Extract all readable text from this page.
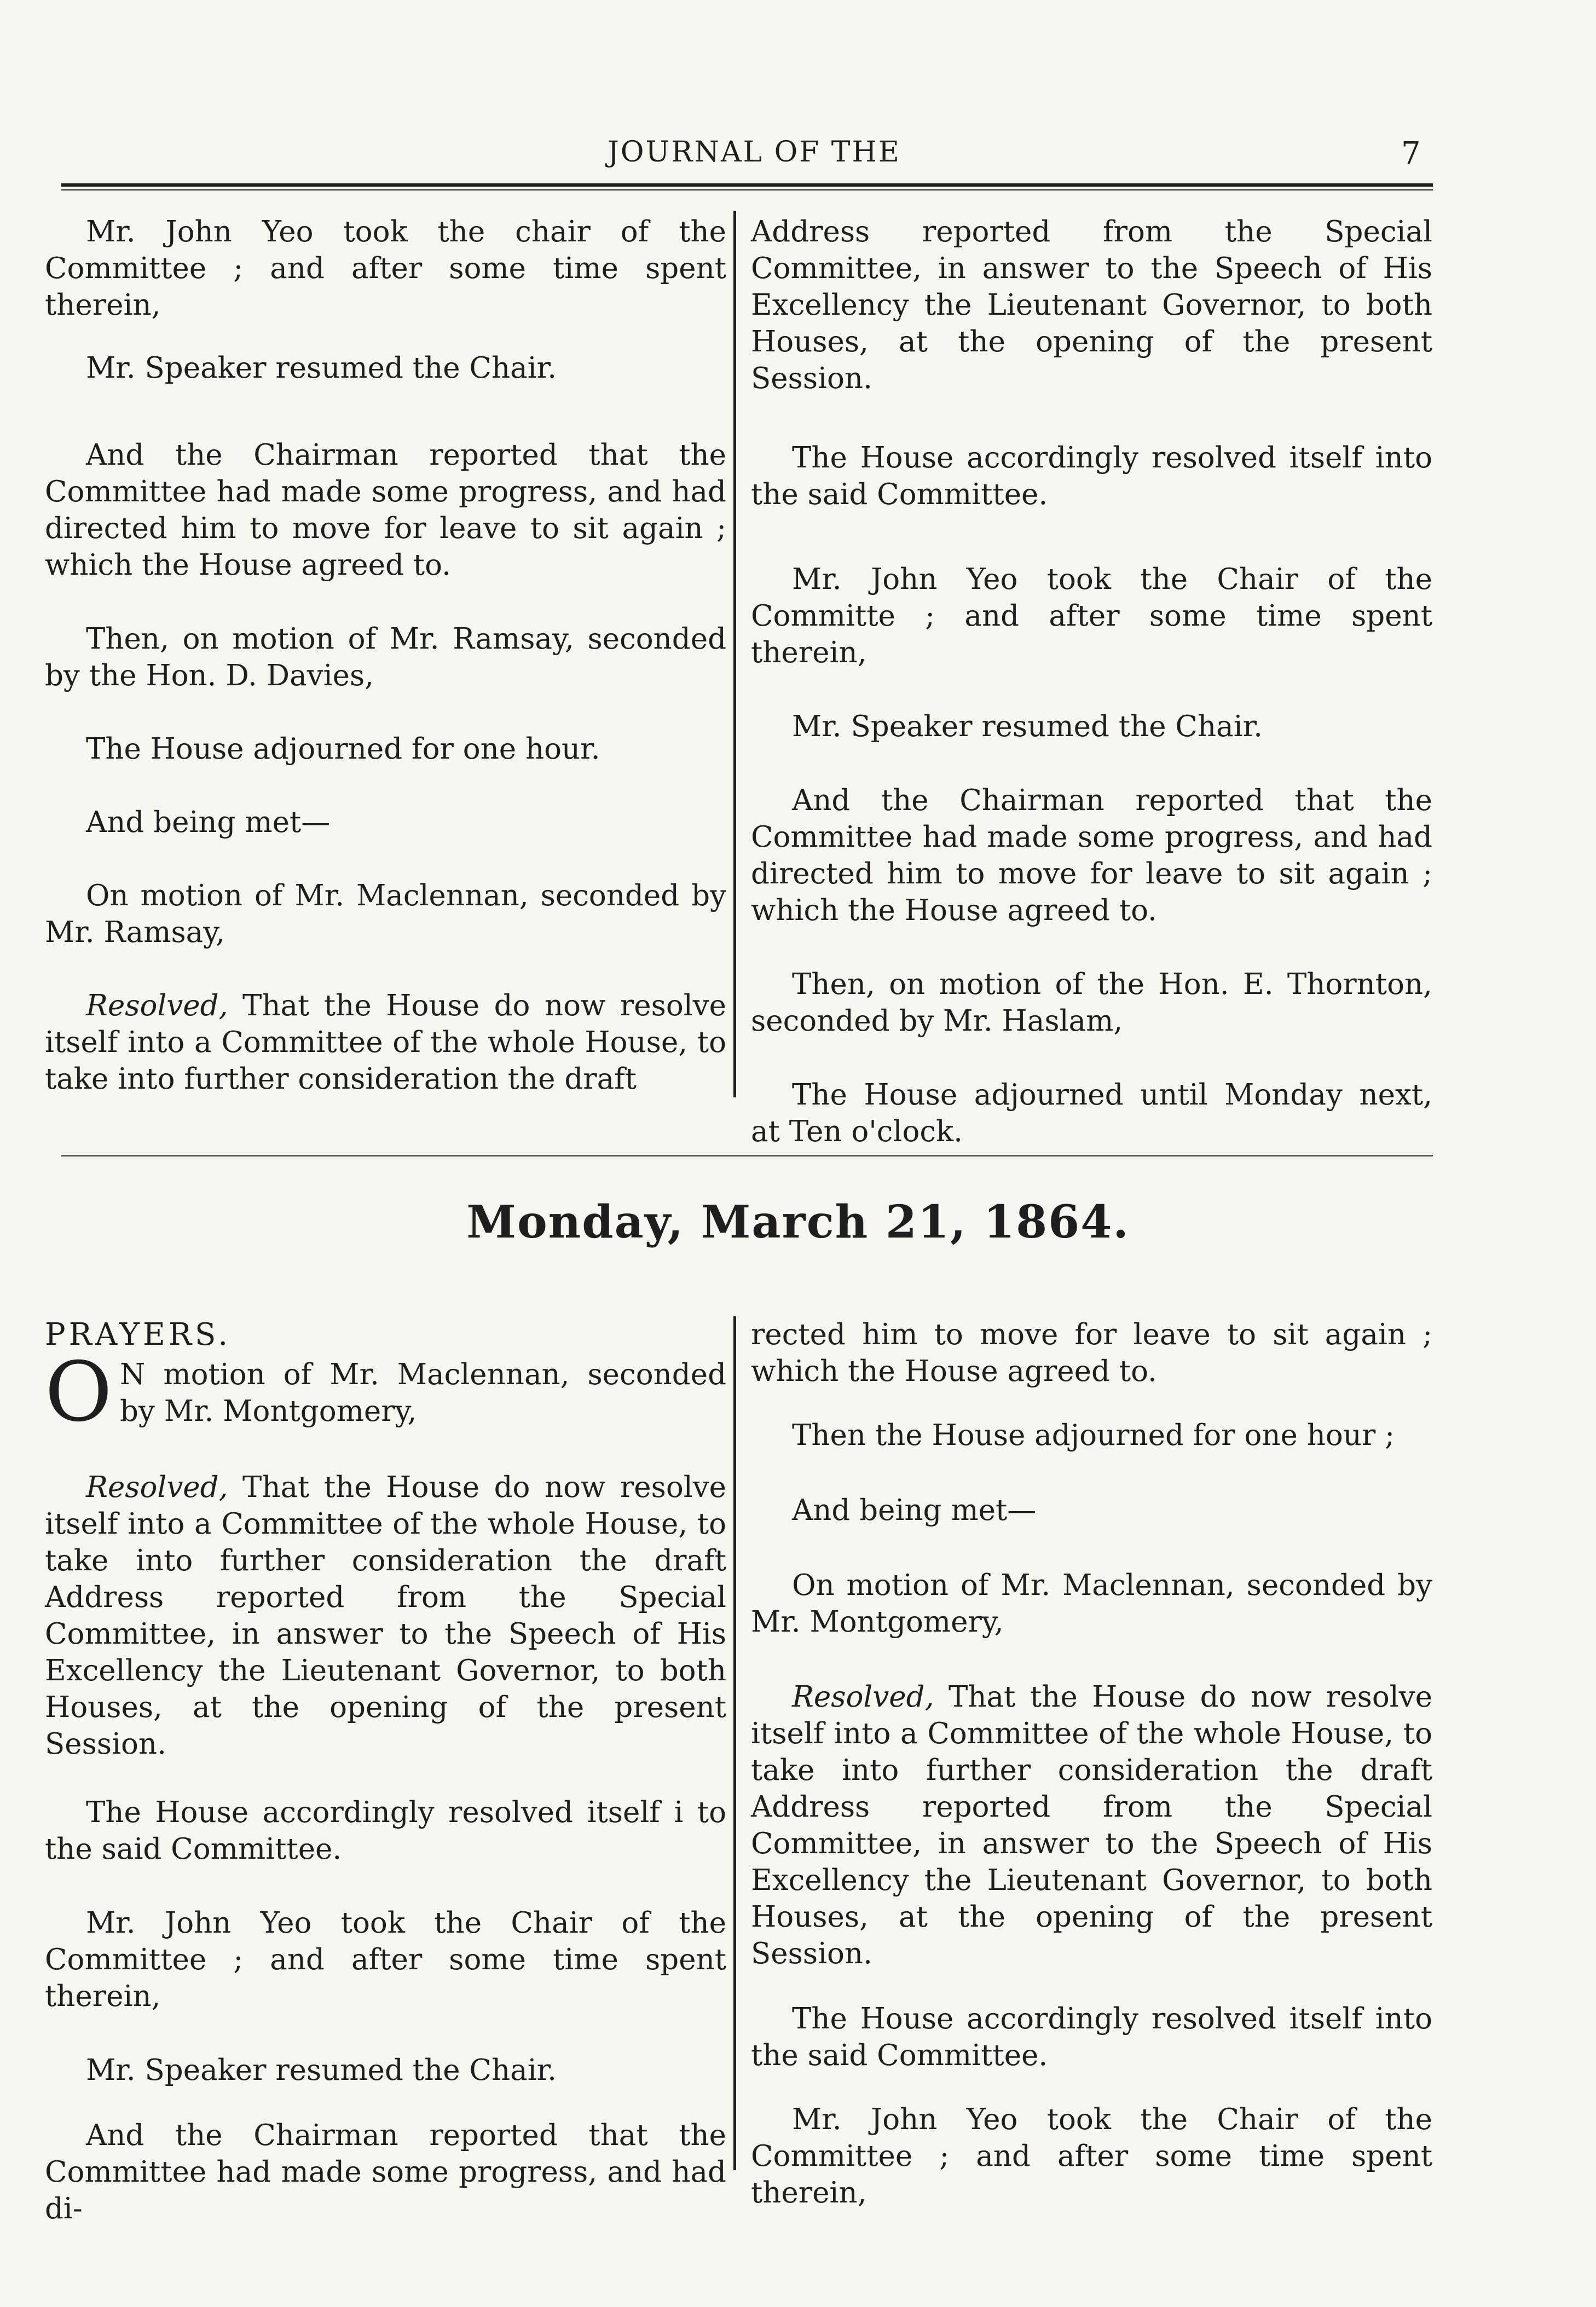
JOURNAL OF THE	7

Mr. John Yeo took the chair of the Committee ; and after some time spent therein,

Mr. Speaker resumed the Chair.

And the Chairman reported that the Committee had made some progress, and had directed him to move for leave to sit again ; which the House agreed to.

Then, on motion of Mr. Ramsay, seconded by the Hon. D. Davies,

The House adjourned for one hour.

And being met—

On motion of Mr. Maclennan, seconded by Mr. Ramsay,

Resolved, That the House do now resolve itself into a Committee of the whole House, to take into further consideration the draft

Address reported from the Special Committee, in answer to the Speech of His Excellency the Lieutenant Governor, to both Houses, at the opening of the present Session.

The House accordingly resolved itself into the said Committee.

Mr. John Yeo took the Chair of the Committe ; and after some time spent therein,

Mr. Speaker resumed the Chair.

And the Chairman reported that the Committee had made some progress, and had directed him to move for leave to sit again ; which the House agreed to.

Then, on motion of the Hon. E. Thornton, seconded by Mr. Haslam,

The House adjourned until Monday next, at Ten o'clock.

Monday, March 21, 1864.

PRAYERS.

O N motion of Mr. Maclennan, seconded by Mr. Montgomery,

Resolved, That the House do now resolve itself into a Committee of the whole House, to take into further consideration the draft Address reported from the Special Committee, in answer to the Speech of His Excellency the Lieutenant Governor, to both Houses, at the opening of the present Session.

The House accordingly resolved itself i to the said Committee.

Mr. John Yeo took the Chair of the Committee ; and after some time spent therein,

Mr. Speaker resumed the Chair.

And the Chairman reported that the Committee had made some progress, and had di-

rected him to move for leave to sit again ; which the House agreed to.

Then the House adjourned for one hour ;

And being met—

On motion of Mr. Maclennan, seconded by Mr. Montgomery,

Resolved, That the House do now resolve itself into a Committee of the whole House, to take into further consideration the draft Address reported from the Special Committee, in answer to the Speech of His Excellency the Lieutenant Governor, to both Houses, at the opening of the present Session.

The House accordingly resolved itself into the said Committee.

Mr. John Yeo took the Chair of the Committee ; and after some time spent therein,
